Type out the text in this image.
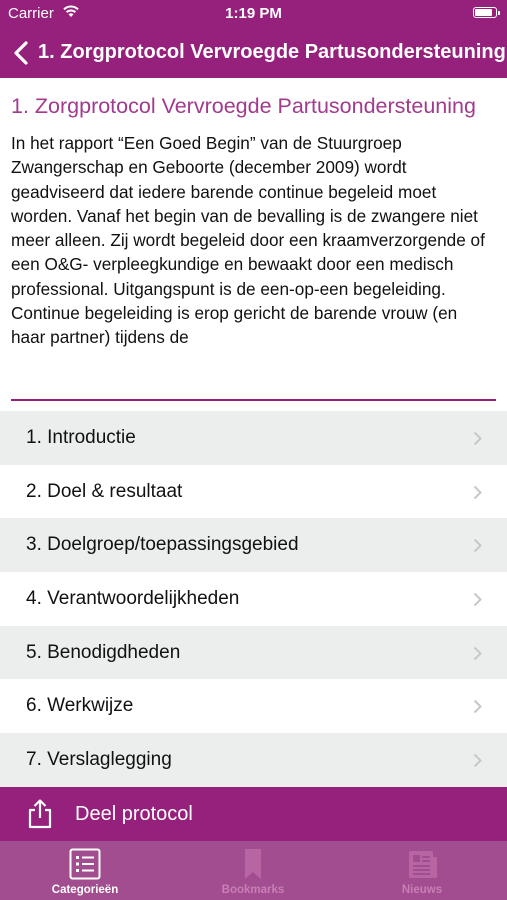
Carrier	1:19 PM
1. Zorgprotocol Vervroegde Partusondersteuning
1. Zorgprotocol Vervroegde Partusondersteuning
In het rapport “Een Goed Begin” van de Stuurgroep Zwangerschap en Geboorte (december 2009) wordt geadviseerd dat iedere barende continue begeleid moet worden. Vanaf het begin van de bevalling is de zwangere niet meer alleen. Zij wordt begeleid door een kraamverzorgende of een O&G- verpleegkundige en bewaakt door een medisch professional. Uitgangspunt is de een-op-een begeleiding. Continue begeleiding is erop gericht de barende vrouw (en haar partner) tijdens de
1. Introductie
2. Doel & resultaat
3. Doelgroep/toepassingsgebied
4. Verantwoordelijkheden
5. Benodigdheden
6. Werkwijze
7. Verslaglegging
Deel protocol
Categorieën	Bookmarks	Nieuws
